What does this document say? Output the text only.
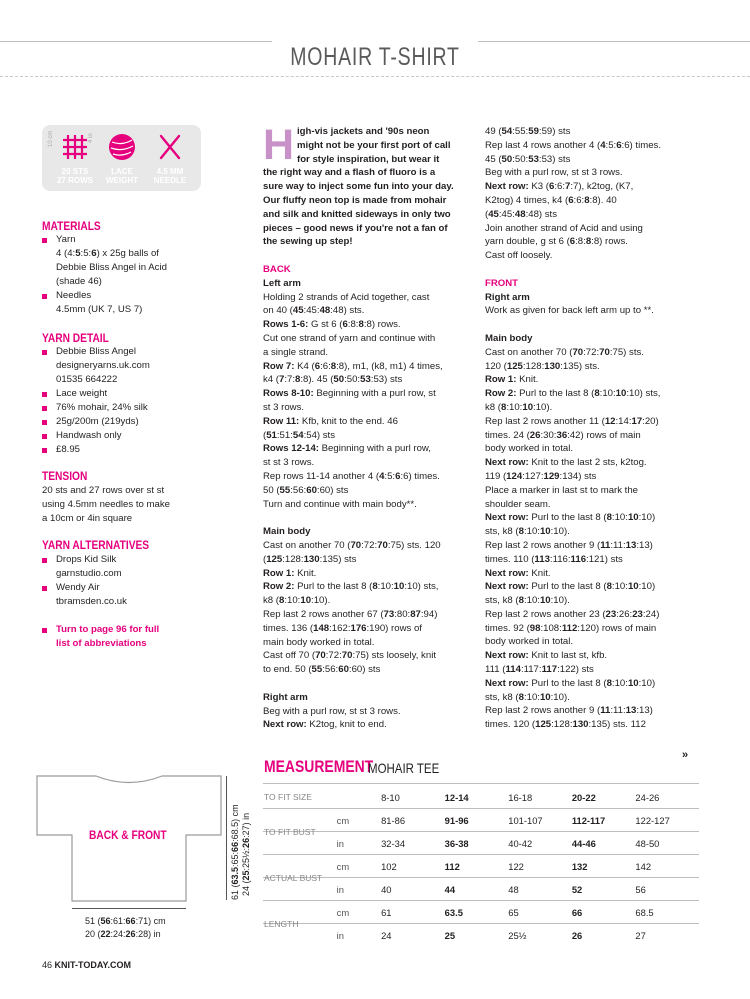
MOHAIR T-SHIRT
10 cm	4 in
20 STS
27 ROWS
LACE
WEIGHT
4.5 MM
NEEDLE
MATERIALS
Yarn
4 (4:5:5:6) x 25g balls of
Debbie Bliss Angel in Acid
(shade 46)
Needles
4.5mm (UK 7, US 7)
YARN DETAIL
Debbie Bliss Angel
designeryarns.uk.com
01535 664222
Lace weight
76% mohair, 24% silk
25g/200m (219yds)
Handwash only
£8.95
TENSION
20 sts and 27 rows over st st
using 4.5mm needles to make
a 10cm or 4in square
YARN ALTERNATIVES
Drops Kid Silk
garnstudio.com
Wendy Air
tbramsden.co.uk
Turn to page 96 for full
list of abbreviations
H igh-vis jackets and '90s neon
might not be your first port of call
for style inspiration, but wear it
the right way and a flash of fluoro is a
sure way to inject some fun into your day.
Our fluffy neon top is made from mohair
and silk and knitted sideways in only two
pieces – good news if you're not a fan of
the sewing up step!
BACK
Left arm
Holding 2 strands of Acid together, cast
on 40 (45:45:48:48) sts.
Rows 1-6: G st 6 (6:8:8:8) rows.
Cut one strand of yarn and continue with
a single strand.
Row 7: K4 (6:6:8:8), m1, (k8, m1) 4 times,
k4 (7:7:8:8). 45 (50:50:53:53) sts
Rows 8-10: Beginning with a purl row, st
st 3 rows.
Row 11: Kfb, knit to the end. 46
(51:51:54:54) sts
Rows 12-14: Beginning with a purl row,
st st 3 rows.
Rep rows 11-14 another 4 (4:5:6:6) times.
50 (55:56:60:60) sts
Turn and continue with main body**.
Main body
Cast on another 70 (70:72:70:75) sts. 120
(125:128:130:135) sts
Row 1: Knit.
Row 2: Purl to the last 8 (8:10:10:10) sts,
k8 (8:10:10:10).
Rep last 2 rows another 67 (73:80:87:94)
times. 136 (148:162:176:190) rows of
main body worked in total.
Cast off 70 (70:72:70:75) sts loosely, knit
to end. 50 (55:56:60:60) sts
Right arm
Beg with a purl row, st st 3 rows.
Next row: K2tog, knit to end.
49 (54:55:59:59) sts
Rep last 4 rows another 4 (4:5:6:6) times.
45 (50:50:53:53) sts
Beg with a purl row, st st 3 rows.
Next row: K3 (6:6:7:7), k2tog, (K7,
K2tog) 4 times, k4 (6:6:8:8). 40
(45:45:48:48) sts
Join another strand of Acid and using
yarn double, g st 6 (6:8:8:8) rows.
Cast off loosely.
FRONT
Right arm
Work as given for back left arm up to **.
Main body
Cast on another 70 (70:72:70:75) sts.
120 (125:128:130:135) sts.
Row 1: Knit.
Row 2: Purl to the last 8 (8:10:10:10) sts,
k8 (8:10:10:10).
Rep last 2 rows another 11 (12:14:17:20)
times. 24 (26:30:36:42) rows of main
body worked in total.
Next row: Knit to the last 2 sts, k2tog.
119 (124:127:129:134) sts
Place a marker in last st to mark the
shoulder seam.
Next row: Purl to the last 8 (8:10:10:10)
sts, k8 (8:10:10:10).
Rep last 2 rows another 9 (11:11:13:13)
times. 110 (113:116:116:121) sts
Next row: Knit.
Next row: Purl to the last 8 (8:10:10:10)
sts, k8 (8:10:10:10).
Rep last 2 rows another 23 (23:26:23:24)
times. 92 (98:108:112:120) rows of main
body worked in total.
Next row: Knit to last st, kfb.
111 (114:117:117:122) sts
Next row: Purl to the last 8 (8:10:10:10)
sts, k8 (8:10:10:10).
Rep last 2 rows another 9 (11:11:13:13)
times. 120 (125:128:130:135) sts. 112
»
BACK & FRONT
61 (63.5:65:66:68.5) cm
24 (25:25½:26:27) in
51 (56:61:66:71) cm
20 (22:24:26:28) in
MEASUREMENT
MOHAIR TEE
TO FIT SIZE		8-10	12-14	16-18	20-22	24-26
	cm	81-86	91-96	101-107	112-117	122-127
TO FIT BUST	in	32-34	36-38	40-42	44-46	48-50
	cm	102	112	122	132	142
ACTUAL BUST	in	40	44	48	52	56
	cm	61	63.5	65	66	68.5
LENGTH	in	24	25	25½	26	27
46 KNIT-TODAY.COM
